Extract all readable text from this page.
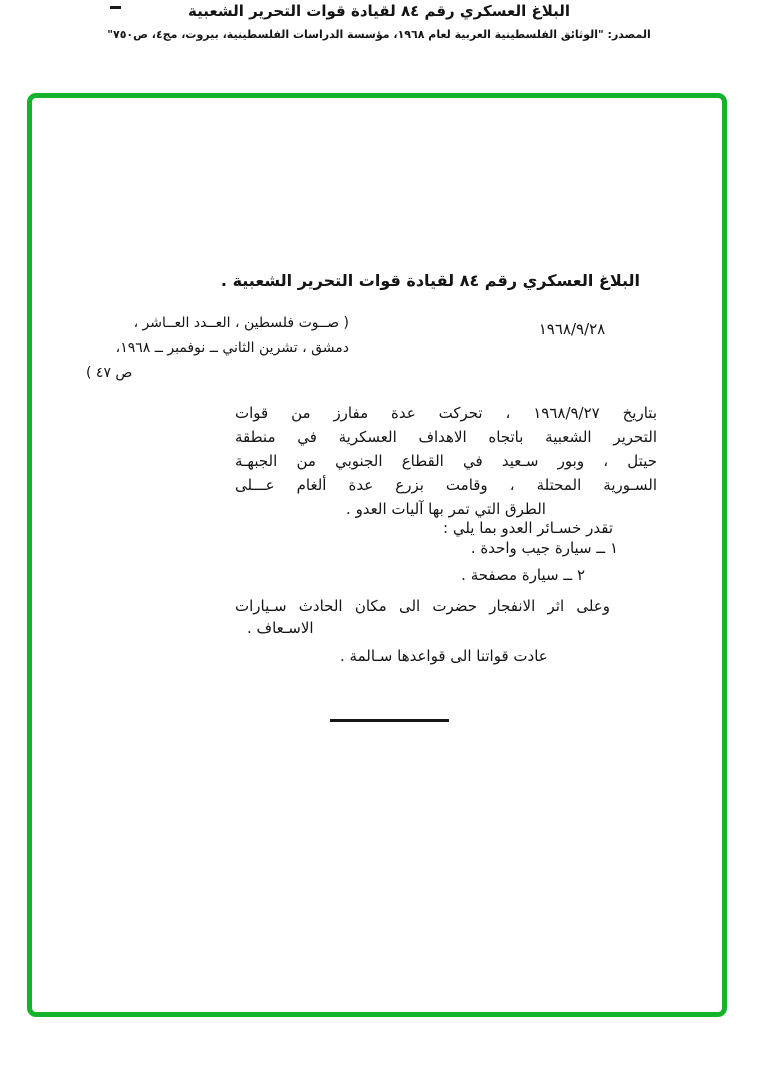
البلاغ العسكري رقم ٨٤ لقيادة قوات التحرير الشعبية
المصدر: "الوثائق الفلسطينية العربية لعام ١٩٦٨، مؤسسة الدراسات الفلسطينية، بيروت، مج٤، ص٧٥٠"
البلاغ العسكري رقم ٨٤ لقيادة قوات التحرير الشعبية .
١٩٦٨/٩/٢٨
( صــوت فلسطين ، العــدد العــاشر ،
دمشق ، تشرين الثاني ــ نوفمبر ــ ١٩٦٨،
ص ٤٧ )
بتاريخ ١٩٦٨/٩/٢٧ ، تحركت عدة مفارز من قوات
التحرير الشعبية باتجاه الاهداف العسكرية في منطقة
حيتل ، وبور سـعيد في القطاع الجنوبي من الجبهـة
السـورية المحتلة ، وقامت بزرع عدة ألغام عـــلى
الطرق التي تمر بها آليات العدو .
تقدر خسـائر العدو بما يلي :
١ ــ سيارة جيب واحدة .
٢ ــ سيارة مصفحة .
وعلى اثر الانفجار حضرت الى مكان الحادث سـيارات
الاسـعاف .
عادت قواتنا الى قواعدها سـالمة .
